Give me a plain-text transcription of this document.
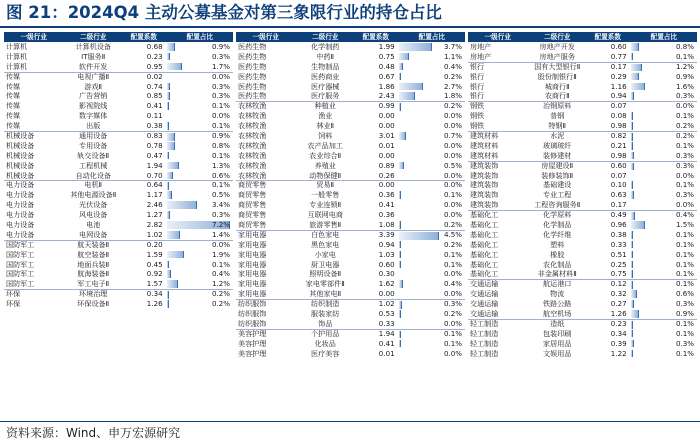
图 21：2024Q4 主动公募基金对第三象限行业的持仓占比
一级行业	二级行业	配置系数	配置占比
计算机	计算机设备	0.68	0.9%
计算机	IT服务Ⅱ	0.23	0.3%
计算机	软件开发	0.95	1.7%
传媒	电视广播Ⅱ	0.02	0.0%
传媒	游戏Ⅱ	0.74	0.3%
传媒	广告营销	0.85	0.3%
传媒	影视院线	0.41	0.1%
传媒	数字媒体	0.11	0.0%
传媒	出版	0.38	0.1%
机械设备	通用设备	0.83	0.9%
机械设备	专用设备	0.78	0.8%
机械设备	轨交设备Ⅱ	0.47	0.1%
机械设备	工程机械	1.94	1.3%
机械设备	自动化设备	0.70	0.6%
电力设备	电机Ⅱ	0.64	0.1%
电力设备	其他电源设备Ⅱ	1.17	0.5%
电力设备	光伏设备	2.46	3.4%
电力设备	风电设备	1.27	0.3%
电力设备	电池	2.82	7.2%
电力设备	电网设备	1.02	1.4%
国防军工	航天装备Ⅱ	0.20	0.0%
国防军工	航空装备Ⅱ	1.59	1.9%
国防军工	地面兵装Ⅱ	0.45	0.1%
国防军工	航海装备Ⅱ	0.92	0.4%
国防军工	军工电子Ⅱ	1.57	1.2%
环保	环境治理	0.34	0.2%
环保	环保设备Ⅱ	1.26	0.2%
一级行业	二级行业	配置系数	配置占比
医药生物	化学制药	1.99	3.7%
医药生物	中药Ⅱ	0.75	1.1%
医药生物	生物制品	0.48	0.4%
医药生物	医药商业	0.67	0.2%
医药生物	医疗器械	1.86	2.7%
医药生物	医疗服务	2.43	1.8%
农林牧渔	种植业	0.99	0.2%
农林牧渔	渔业	0.00	0.0%
农林牧渔	林业Ⅱ	0.00	0.0%
农林牧渔	饲料	3.01	0.7%
农林牧渔	农产品加工	0.01	0.0%
农林牧渔	农业综合Ⅱ	0.00	0.0%
农林牧渔	养殖业	0.89	0.5%
农林牧渔	动物保健Ⅱ	0.26	0.0%
商贸零售	贸易Ⅱ	0.00	0.0%
商贸零售	一般零售	0.36	0.1%
商贸零售	专业连锁Ⅱ	0.41	0.0%
商贸零售	互联网电商	0.36	0.0%
商贸零售	旅游零售Ⅱ	1.08	0.2%
家用电器	白色家电	3.39	4.5%
家用电器	黑色家电	0.94	0.2%
家用电器	小家电	1.03	0.1%
家用电器	厨卫电器	0.60	0.1%
家用电器	照明设备Ⅱ	0.30	0.0%
家用电器	家电零部件Ⅱ	1.62	0.4%
家用电器	其他家电Ⅱ	0.00	0.0%
纺织服饰	纺织制造	1.02	0.3%
纺织服饰	服装家纺	0.53	0.2%
纺织服饰	饰品	0.33	0.0%
美容护理	个护用品	1.94	0.1%
美容护理	化妆品	0.41	0.1%
美容护理	医疗美容	0.01	0.0%
一级行业	二级行业	配置系数	配置占比
房地产	房地产开发	0.60	0.8%
房地产	房地产服务	0.77	0.1%
银行	国有大型银行Ⅱ	0.17	1.2%
银行	股份制银行Ⅱ	0.29	0.9%
银行	城商行Ⅱ	1.16	1.6%
银行	农商行Ⅱ	0.94	0.3%
钢铁	冶钢原料	0.07	0.0%
钢铁	普钢	0.08	0.1%
钢铁	特钢Ⅱ	0.98	0.2%
建筑材料	水泥	0.82	0.2%
建筑材料	玻璃玻纤	0.21	0.1%
建筑材料	装修建材	0.98	0.3%
建筑装饰	房屋建设Ⅱ	0.60	0.3%
建筑装饰	装修装饰Ⅱ	0.07	0.0%
建筑装饰	基础建设	0.10	0.1%
建筑装饰	专业工程	0.63	0.3%
建筑装饰	工程咨询服务Ⅱ	0.17	0.0%
基础化工	化学原料	0.49	0.4%
基础化工	化学制品	0.96	1.5%
基础化工	化学纤维	0.38	0.1%
基础化工	塑料	0.33	0.1%
基础化工	橡胶	0.51	0.1%
基础化工	农化制品	0.25	0.1%
基础化工	非金属材料Ⅱ	0.75	0.1%
交通运输	航运港口	0.12	0.1%
交通运输	物流	0.32	0.6%
交通运输	铁路公路	0.27	0.3%
交通运输	航空机场	1.26	0.9%
轻工制造	造纸	0.23	0.1%
轻工制造	包装印刷	0.34	0.1%
轻工制造	家居用品	0.39	0.3%
轻工制造	文娱用品	1.22	0.1%
资料来源：Wind、申万宏源研究
